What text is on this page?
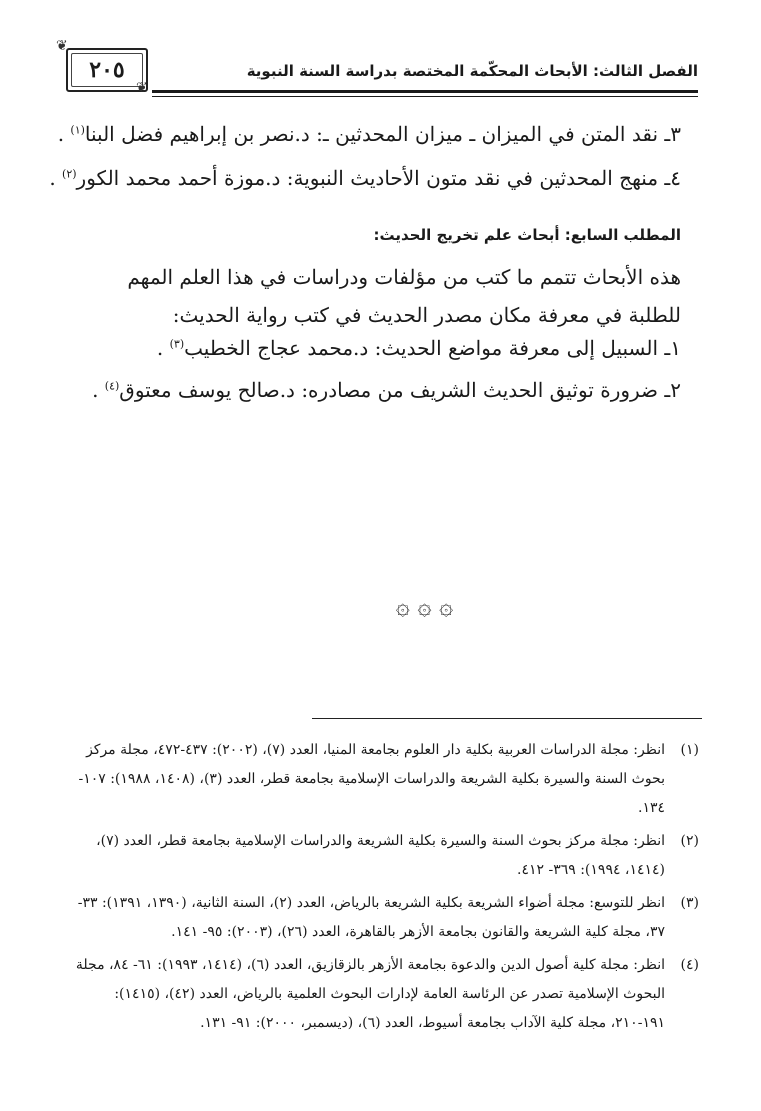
❦
٢٠٥
❦
الفصل الثالث: الأبحاث المحكّمة المختصة بدراسة السنة النبوية
٣ـ نقد المتن في الميزان ـ ميزان المحدثين ـ: د.نصر بن إبراهيم فضل البنا$^{(١)}$ .
٤ـ منهج المحدثين في نقد متون الأحاديث النبوية: د.موزة أحمد محمد الكور$^{(٢)}$ .
المطلب السابع: أبحاث علم تخريج الحديث:
هذه الأبحاث تتمم ما كتب من مؤلفات ودراسات في هذا العلم المهم للطلبة في معرفة مكان مصدر الحديث في كتب رواية الحديث:
١ـ السبيل إلى معرفة مواضع الحديث: د.محمد عجاج الخطيب$^{(٣)}$ .
٢ـ ضرورة توثيق الحديث الشريف من مصادره: د.صالح يوسف معتوق$^{(٤)}$ .
۞ ۞ ۞
(١)
انظر: مجلة الدراسات العربية بكلية دار العلوم بجامعة المنيا، العدد (٧)، (٢٠٠٢): ٤٣٧-٤٧٢، مجلة مركز بحوث السنة والسيرة بكلية الشريعة والدراسات الإسلامية بجامعة قطر، العدد (٣)، (١٤٠٨، ١٩٨٨): ١٠٧- ١٣٤.
(٢)
انظر: مجلة مركز بحوث السنة والسيرة بكلية الشريعة والدراسات الإسلامية بجامعة قطر، العدد (٧)، (١٤١٤، ١٩٩٤): ٣٦٩- ٤١٢.
(٣)
انظر للتوسع: مجلة أضواء الشريعة بكلية الشريعة بالرياض، العدد (٢)، السنة الثانية، (١٣٩٠، ١٣٩١): ٣٣- ٣٧، مجلة كلية الشريعة والقانون بجامعة الأزهر بالقاهرة، العدد (٢٦)، (٢٠٠٣): ٩٥- ١٤١.
(٤)
انظر: مجلة كلية أصول الدين والدعوة بجامعة الأزهر بالزقازيق، العدد (٦)، (١٤١٤، ١٩٩٣): ٦١- ٨٤، مجلة البحوث الإسلامية تصدر عن الرئاسة العامة لإدارات البحوث العلمية بالرياض، العدد (٤٢)، (١٤١٥): ١٩١-٢١٠، مجلة كلية الآداب بجامعة أسيوط، العدد (٦)، (ديسمبر، ٢٠٠٠): ٩١- ١٣١.
